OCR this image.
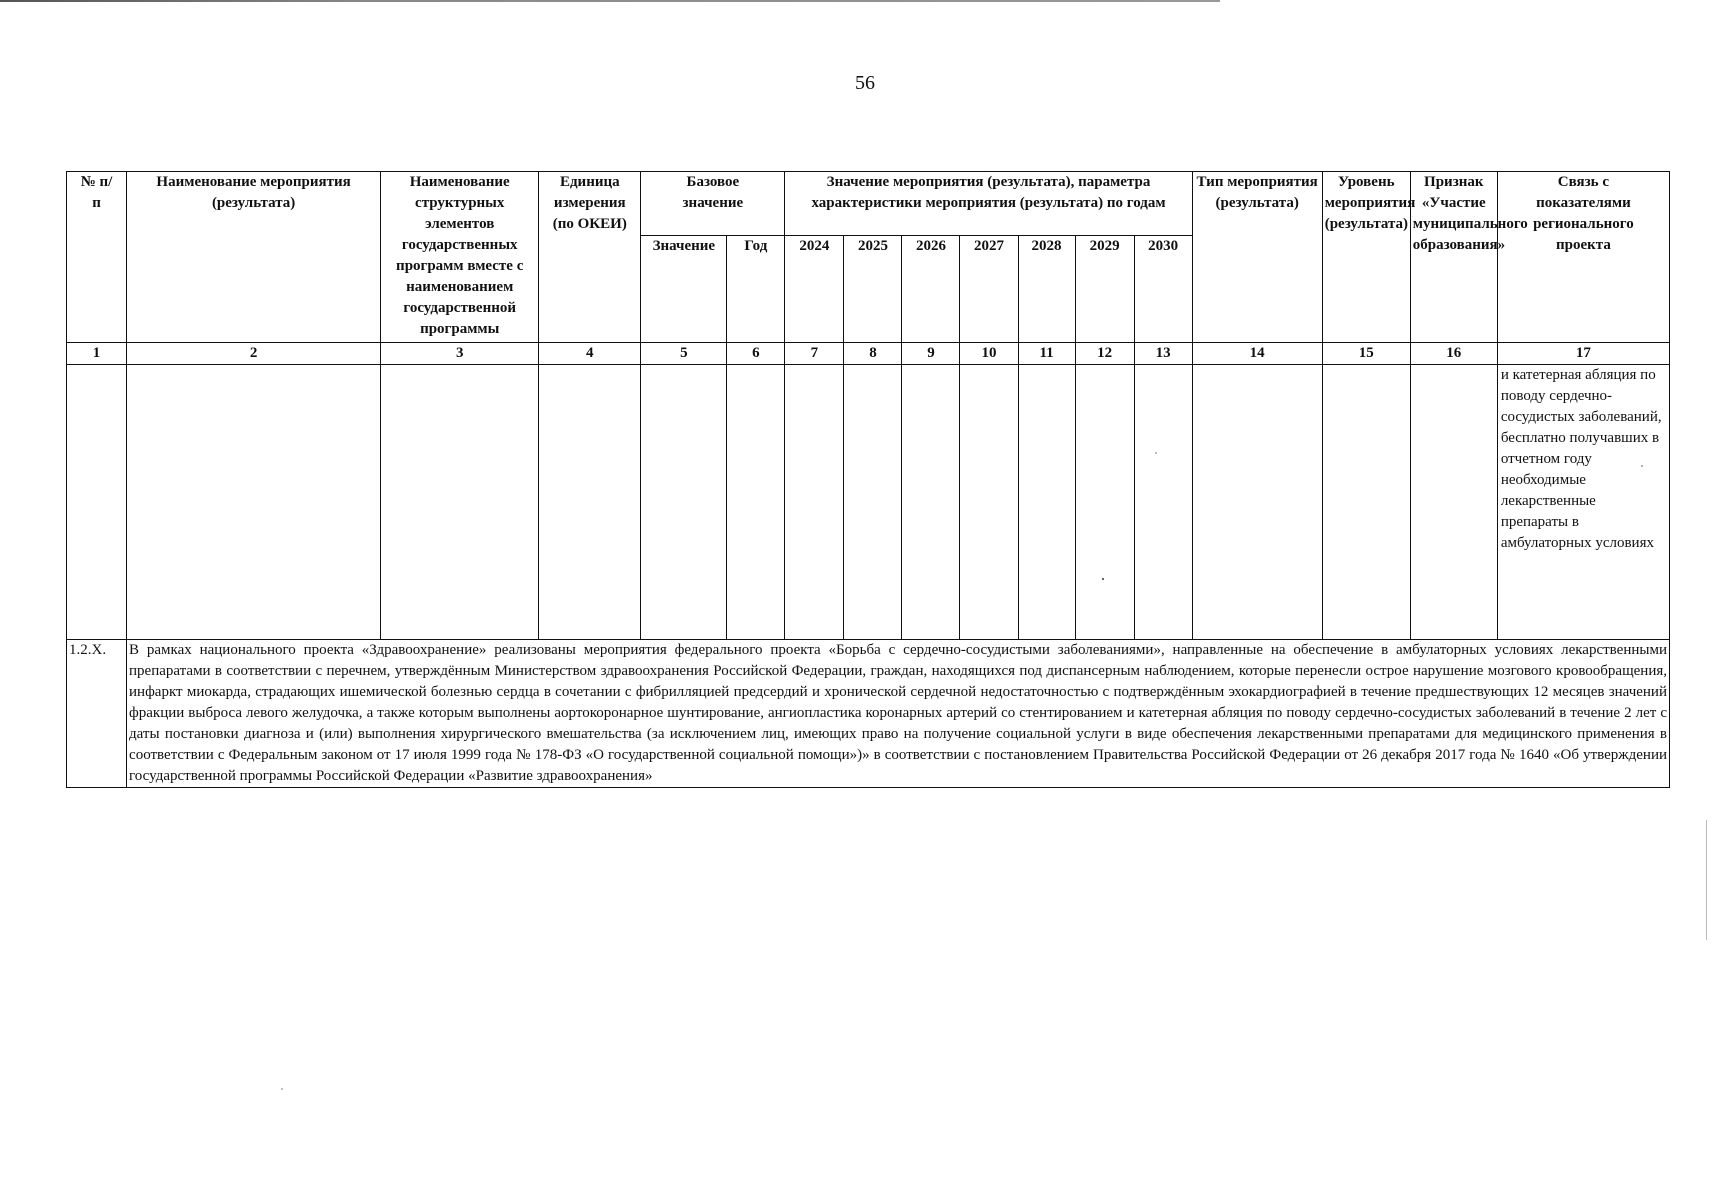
56
№ п/п	Наименование мероприятия (результата)	Наименование структурных элементов государственных программ вместе с наименованием государственной программы	Единица измерения (по ОКЕИ)	Базовое значение		Значение мероприятия (результата), параметра характеристики мероприятия (результата) по годам							Тип мероприятия (результата)	Уровень мероприятия (результата)	Признак «Участие муниципального образования»	Связь с показателями регионального проекта
				Значение	Год	2024	2025	2026	2027	2028	2029	2030				
1	2	3	4	5	6	7	8	9	10	11	12	13	14	15	16	17
																и катетерная абляция по поводу сердечно-сосудистых заболеваний, бесплатно получавших в отчетном году необходимые лекарственные препараты в амбулаторных условиях
1.2.Х.	В рамках национального проекта «Здравоохранение» реализованы мероприятия федерального проекта «Борьба с сердечно-сосудистыми заболеваниями», направленные на обеспечение в амбулаторных условиях лекарственными препаратами в соответствии с перечнем, утверждённым Министерством здравоохранения Российской Федерации, граждан, находящихся под диспансерным наблюдением, которые перенесли острое нарушение мозгового кровообращения, инфаркт миокарда, страдающих ишемической болезнью сердца в сочетании с фибрилляцией предсердий и хронической сердечной недостаточностью с подтверждённым эхокардиографией в течение предшествующих 12 месяцев значений фракции выброса левого желудочка, а также которым выполнены аортокоронарное шунтирование, ангиопластика коронарных артерий со стентированием и катетерная абляция по поводу сердечно-сосудистых заболеваний в течение 2 лет с даты постановки диагноза и (или) выполнения хирургического вмешательства (за исключением лиц, имеющих право на получение социальной услуги в виде обеспечения лекарственными препаратами для медицинского применения в соответствии с Федеральным законом от 17 июля 1999 года № 178-ФЗ «О государственной социальной помощи»)» в соответствии с постановлением Правительства Российской Федерации от 26 декабря 2017 года № 1640 «Об утверждении государственной программы Российской Федерации «Развитие здравоохранения»															
